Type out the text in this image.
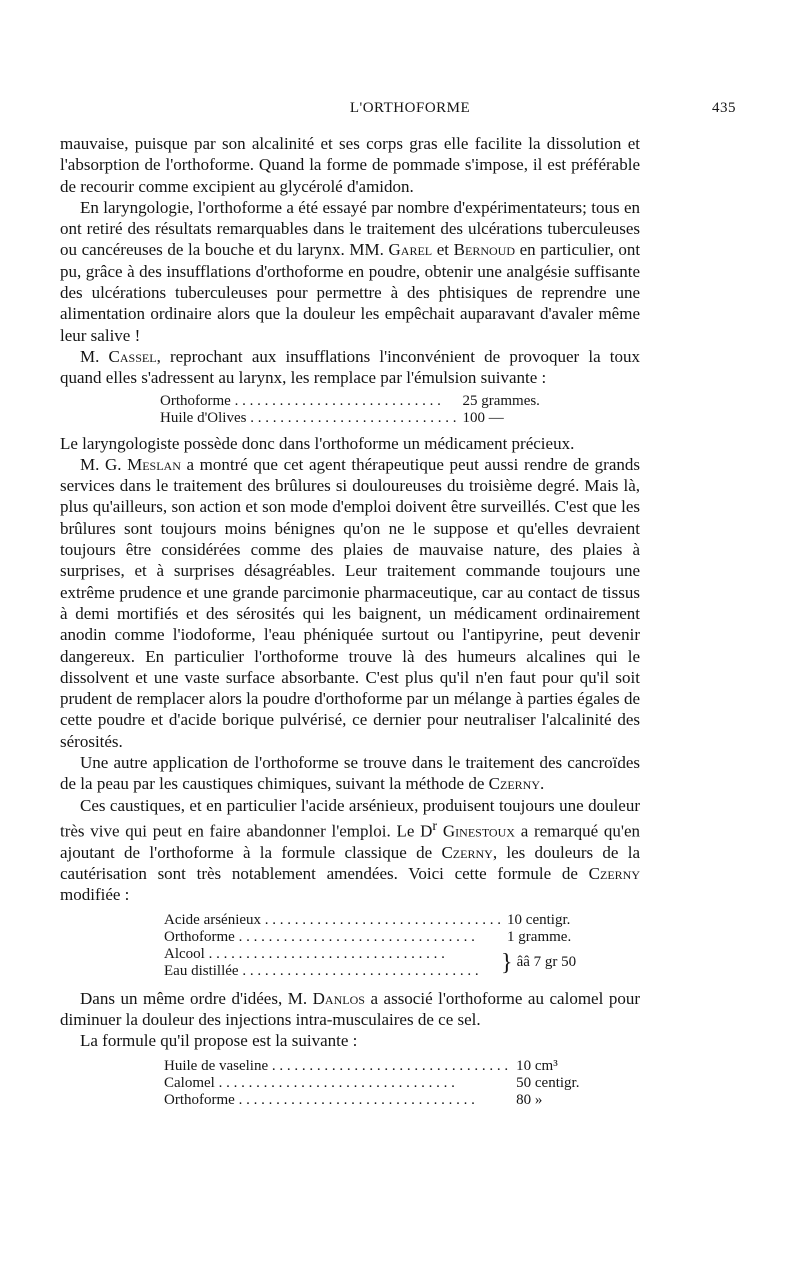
L'ORTHOFORME	435

mauvaise, puisque par son alcalinité et ses corps gras elle facilite la dissolution et l'absorption de l'orthoforme. Quand la forme de pommade s'impose, il est préférable de recourir comme excipient au glycérolé d'amidon.

En laryngologie, l'orthoforme a été essayé par nombre d'expérimentateurs; tous en ont retiré des résultats remarquables dans le traitement des ulcérations tuberculeuses ou cancéreuses de la bouche et du larynx. MM. Garel et Bernoud en particulier, ont pu, grâce à des insufflations d'orthoforme en poudre, obtenir une analgésie suffisante des ulcérations tuberculeuses pour permettre à des phtisiques de reprendre une alimentation ordinaire alors que la douleur les empêchait auparavant d'avaler même leur salive !

M. Cassel, reprochant aux insufflations l'inconvénient de provoquer la toux quand elles s'adressent au larynx, les remplace par l'émulsion suivante :

Orthoforme . . . . . . . . . . . . . . . . . . . . . . . . . . . .	25 grammes.
Huile d'Olives . . . . . . . . . . . . . . . . . . . . . . . . . . . .	100 —

Le laryngologiste possède donc dans l'orthoforme un médicament précieux.

M. G. Meslan a montré que cet agent thérapeutique peut aussi rendre de grands services dans le traitement des brûlures si douloureuses du troisième degré. Mais là, plus qu'ailleurs, son action et son mode d'emploi doivent être surveillés. C'est que les brûlures sont toujours moins bénignes qu'on ne le suppose et qu'elles devraient toujours être considérées comme des plaies de mauvaise nature, des plaies à surprises, et à surprises désagréables. Leur traitement commande toujours une extrême prudence et une grande parcimonie pharmaceutique, car au contact de tissus à demi mortifiés et des sérosités qui les baignent, un médicament ordinairement anodin comme l'iodoforme, l'eau phéniquée surtout ou l'antipyrine, peut devenir dangereux. En particulier l'orthoforme trouve là des humeurs alcalines qui le dissolvent et une vaste surface absorbante. C'est plus qu'il n'en faut pour qu'il soit prudent de remplacer alors la poudre d'orthoforme par un mélange à parties égales de cette poudre et d'acide borique pulvérisé, ce dernier pour neutraliser l'alcalinité des sérosités.

Une autre application de l'orthoforme se trouve dans le traitement des cancroïdes de la peau par les caustiques chimiques, suivant la méthode de Czerny.

Ces caustiques, et en particulier l'acide arsénieux, produisent toujours une douleur très vive qui peut en faire abandonner l'emploi. Le $D^r$ Ginestoux a remarqué qu'en ajoutant de l'orthoforme à la formule classique de Czerny, les douleurs de la cautérisation sont très notablement amendées. Voici cette formule de Czerny modifiée :

Acide arsénieux . . . . . . . . . . . . . . . . . . . . . . . . . . . . . . . .	10 centigr.	
Orthoforme . . . . . . . . . . . . . . . . . . . . . . . . . . . . . . . .	1 gramme.	
Alcool . . . . . . . . . . . . . . . . . . . . . . . . . . . . . . . .	}	ââ 7 gr 50
Eau distillée . . . . . . . . . . . . . . . . . . . . . . . . . . . . . . . .		

Dans un même ordre d'idées, M. Danlos a associé l'orthoforme au calomel pour diminuer la douleur des injections intra-musculaires de ce sel.

La formule qu'il propose est la suivante :

Huile de vaseline . . . . . . . . . . . . . . . . . . . . . . . . . . . . . . . .	10 cm³
Calomel . . . . . . . . . . . . . . . . . . . . . . . . . . . . . . . .	50 centigr.
Orthoforme . . . . . . . . . . . . . . . . . . . . . . . . . . . . . . . .	80 »
